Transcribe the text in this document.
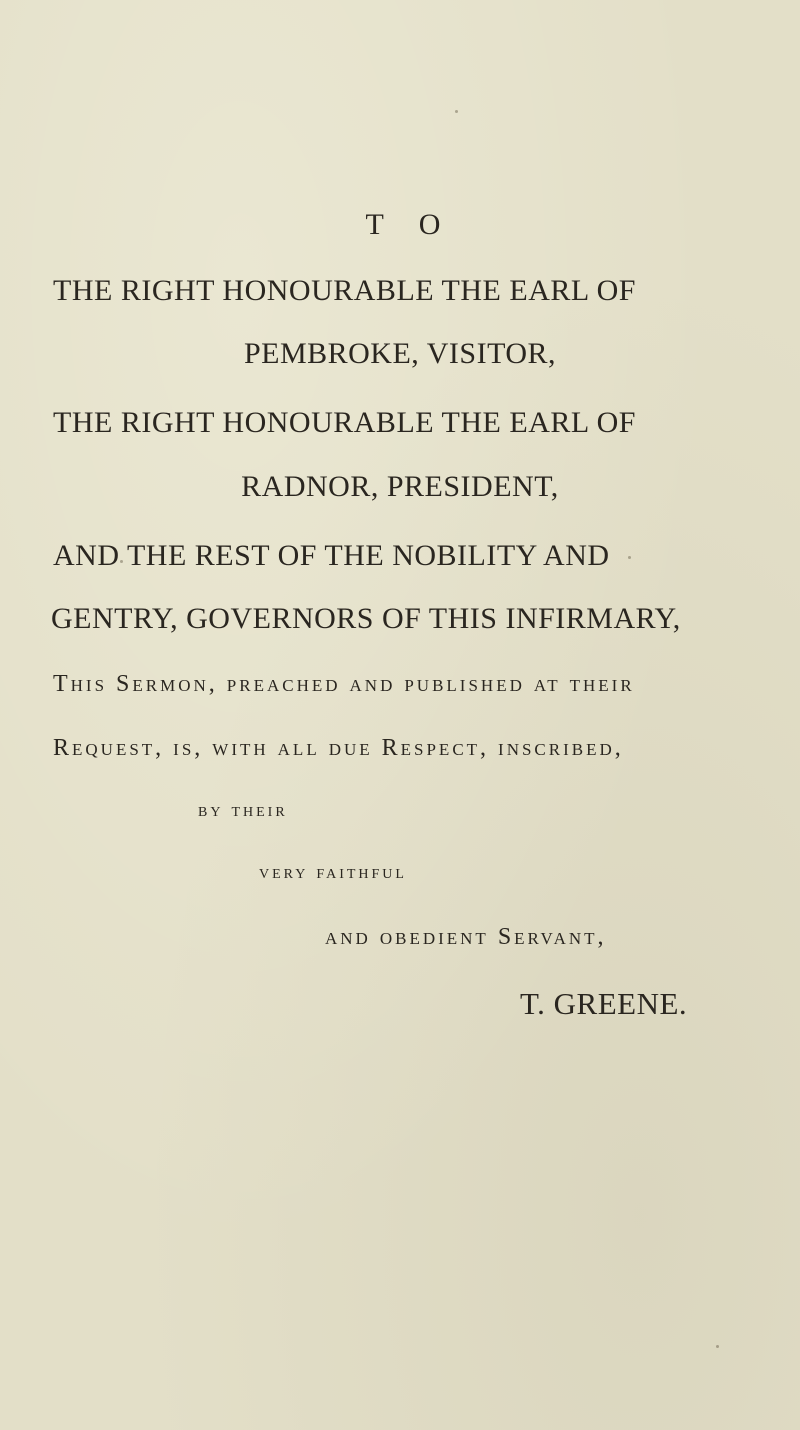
T O
THE RIGHT HONOURABLE THE EARL OF
PEMBROKE, VISITOR,
THE RIGHT HONOURABLE THE EARL OF
RADNOR, PRESIDENT,
AND THE REST OF THE NOBILITY AND
GENTRY, GOVERNORS OF THIS INFIRMARY,
This Sermon, preached and published at their
Request, is, with all due Respect, inscribed,
by their
very faithful
and obedient Servant,
T. GREENE.
